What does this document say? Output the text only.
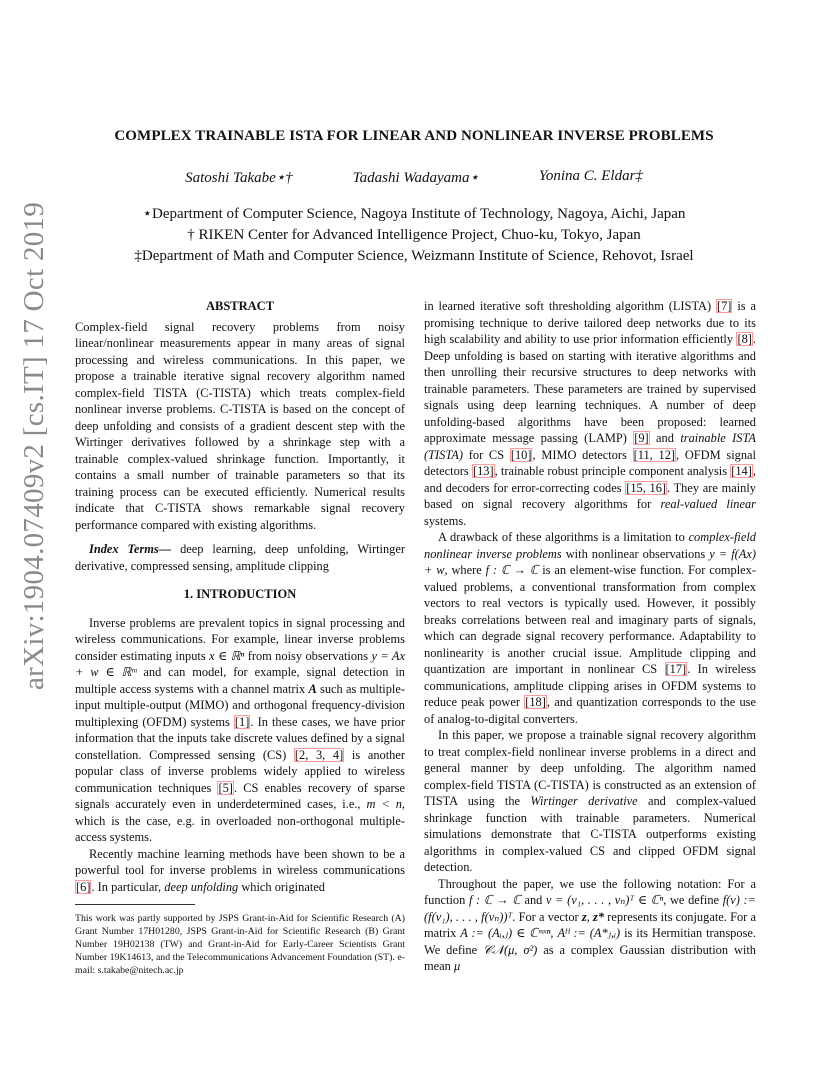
arXiv:1904.07409v2 [cs.IT] 17 Oct 2019
COMPLEX TRAINABLE ISTA FOR LINEAR AND NONLINEAR INVERSE PROBLEMS
Satoshi Takabe⋆†	Tadashi Wadayama⋆	Yonina C. Eldar‡
⋆Department of Computer Science, Nagoya Institute of Technology, Nagoya, Aichi, Japan
† RIKEN Center for Advanced Intelligence Project, Chuo-ku, Tokyo, Japan
‡Department of Math and Computer Science, Weizmann Institute of Science, Rehovot, Israel
ABSTRACT

Complex-field signal recovery problems from noisy linear/nonlinear measurements appear in many areas of signal processing and wireless communications. In this paper, we propose a trainable iterative signal recovery algorithm named complex-field TISTA (C-TISTA) which treats complex-field nonlinear inverse problems. C-TISTA is based on the concept of deep unfolding and consists of a gradient descent step with the Wirtinger derivatives followed by a shrinkage step with a trainable complex-valued shrinkage function. Importantly, it contains a small number of trainable parameters so that its training process can be executed efficiently. Numerical results indicate that C-TISTA shows remarkable signal recovery performance compared with existing algorithms.

Index Terms— deep learning, deep unfolding, Wirtinger derivative, compressed sensing, amplitude clipping

1. INTRODUCTION

Inverse problems are prevalent topics in signal processing and wireless communications. For example, linear inverse problems consider estimating inputs x ∈ ℝⁿ from noisy observations y = Ax + w ∈ ℝᵐ and can model, for example, signal detection in multiple access systems with a channel matrix A such as multiple-input multiple-output (MIMO) and orthogonal frequency-division multiplexing (OFDM) systems [1]. In these cases, we have prior information that the inputs take discrete values defined by a signal constellation. Compressed sensing (CS) [2, 3, 4] is another popular class of inverse problems widely applied to wireless communication techniques [5]. CS enables recovery of sparse signals accurately even in underdetermined cases, i.e., m < n, which is the case, e.g. in overloaded non-orthogonal multiple-access systems.

Recently machine learning methods have been shown to be a powerful tool for inverse problems in wireless communications [6]. In particular, deep unfolding which originated

This work was partly supported by JSPS Grant-in-Aid for Scientific Research (A) Grant Number 17H01280, JSPS Grant-in-Aid for Scientific Research (B) Grant Number 19H02138 (TW) and Grant-in-Aid for Early-Career Scientists Grant Number 19K14613, and the Telecommunications Advancement Foundation (ST). e-mail: s.takabe@nitech.ac.jp

in learned iterative soft thresholding algorithm (LISTA) [7] is a promising technique to derive tailored deep networks due to its high scalability and ability to use prior information efficiently [8]. Deep unfolding is based on starting with iterative algorithms and then unrolling their recursive structures to deep networks with trainable parameters. These parameters are trained by supervised signals using deep learning techniques. A number of deep unfolding-based algorithms have been proposed: learned approximate message passing (LAMP) [9] and trainable ISTA (TISTA) for CS [10], MIMO detectors [11, 12], OFDM signal detectors [13], trainable robust principle component analysis [14], and decoders for error-correcting codes [15, 16]. They are mainly based on signal recovery algorithms for real-valued linear systems.

A drawback of these algorithms is a limitation to complex-field nonlinear inverse problems with nonlinear observations y = f(Ax) + w, where f : ℂ → ℂ is an element-wise function. For complex-valued problems, a conventional transformation from complex vectors to real vectors is typically used. However, it possibly breaks correlations between real and imaginary parts of signals, which can degrade signal recovery performance. Adaptability to nonlinearity is another crucial issue. Amplitude clipping and quantization are important in nonlinear CS [17]. In wireless communications, amplitude clipping arises in OFDM systems to reduce peak power [18], and quantization corresponds to the use of analog-to-digital converters.

In this paper, we propose a trainable signal recovery algorithm to treat complex-field nonlinear inverse problems in a direct and general manner by deep unfolding. The algorithm named complex-field TISTA (C-TISTA) is constructed as an extension of TISTA using the Wirtinger derivative and complex-valued shrinkage function with trainable parameters. Numerical simulations demonstrate that C-TISTA outperforms existing algorithms in complex-valued CS and clipped OFDM signal detection.

Throughout the paper, we use the following notation: For a function f : ℂ → ℂ and v = (v₁, . . . , vₙ)ᵀ ∈ ℂⁿ, we define f(v) := (f(v₁), . . . , f(vₙ))ᵀ. For a vector z, z* represents its conjugate. For a matrix A := (Aᵢ,ⱼ) ∈ ℂᵐˣⁿ, Aᴴ := (A*ⱼ,ᵢ) is its Hermitian transpose. We define 𝒞𝒩(μ, σ²) as a complex Gaussian distribution with mean μ
